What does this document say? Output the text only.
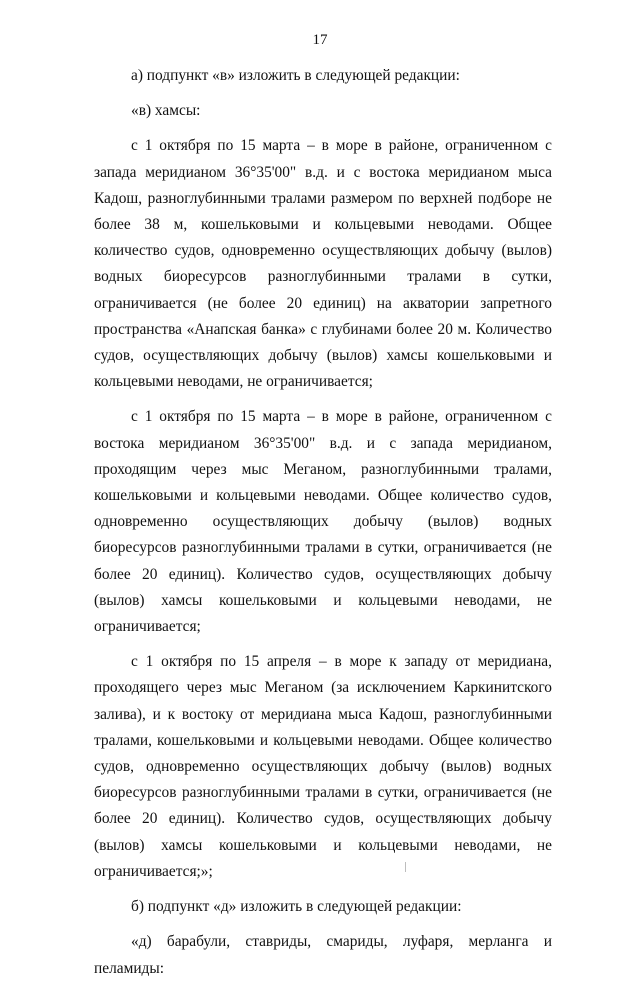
17

а) подпункт «в» изложить в следующей редакции:

«в) хамсы:

с 1 октября по 15 марта – в море в районе, ограниченном с запада меридианом 36°35'00" в.д. и с востока меридианом мыса Кадош, разноглубинными тралами размером по верхней подборе не более 38 м, кошельковыми и кольцевыми неводами. Общее количество судов, одновременно осуществляющих добычу (вылов) водных биоресурсов разноглубинными тралами в сутки, ограничивается (не более 20 единиц) на акватории запретного пространства «Анапская банка» с глубинами более 20 м. Количество судов, осуществляющих добычу (вылов) хамсы кошельковыми и кольцевыми неводами, не ограничивается;

с 1 октября по 15 марта – в море в районе, ограниченном с востока меридианом 36°35'00" в.д. и с запада меридианом, проходящим через мыс Меганом, разноглубинными тралами, кошельковыми и кольцевыми неводами. Общее количество судов, одновременно осуществляющих добычу (вылов) водных биоресурсов разноглубинными тралами в сутки, ограничивается (не более 20 единиц). Количество судов, осуществляющих добычу (вылов) хамсы кошельковыми и кольцевыми неводами, не ограничивается;

с 1 октября по 15 апреля – в море к западу от меридиана, проходящего через мыс Меганом (за исключением Каркинитского залива), и к востоку от меридиана мыса Кадош, разноглубинными тралами, кошельковыми и кольцевыми неводами. Общее количество судов, одновременно осуществляющих добычу (вылов) водных биоресурсов разноглубинными тралами в сутки, ограничивается (не более 20 единиц). Количество судов, осуществляющих добычу (вылов) хамсы кошельковыми и кольцевыми неводами, не ограничивается;»;

б) подпункт «д» изложить в следующей редакции:

«д) барабули, ставриды, смариды, луфаря, мерланга и пеламиды:
